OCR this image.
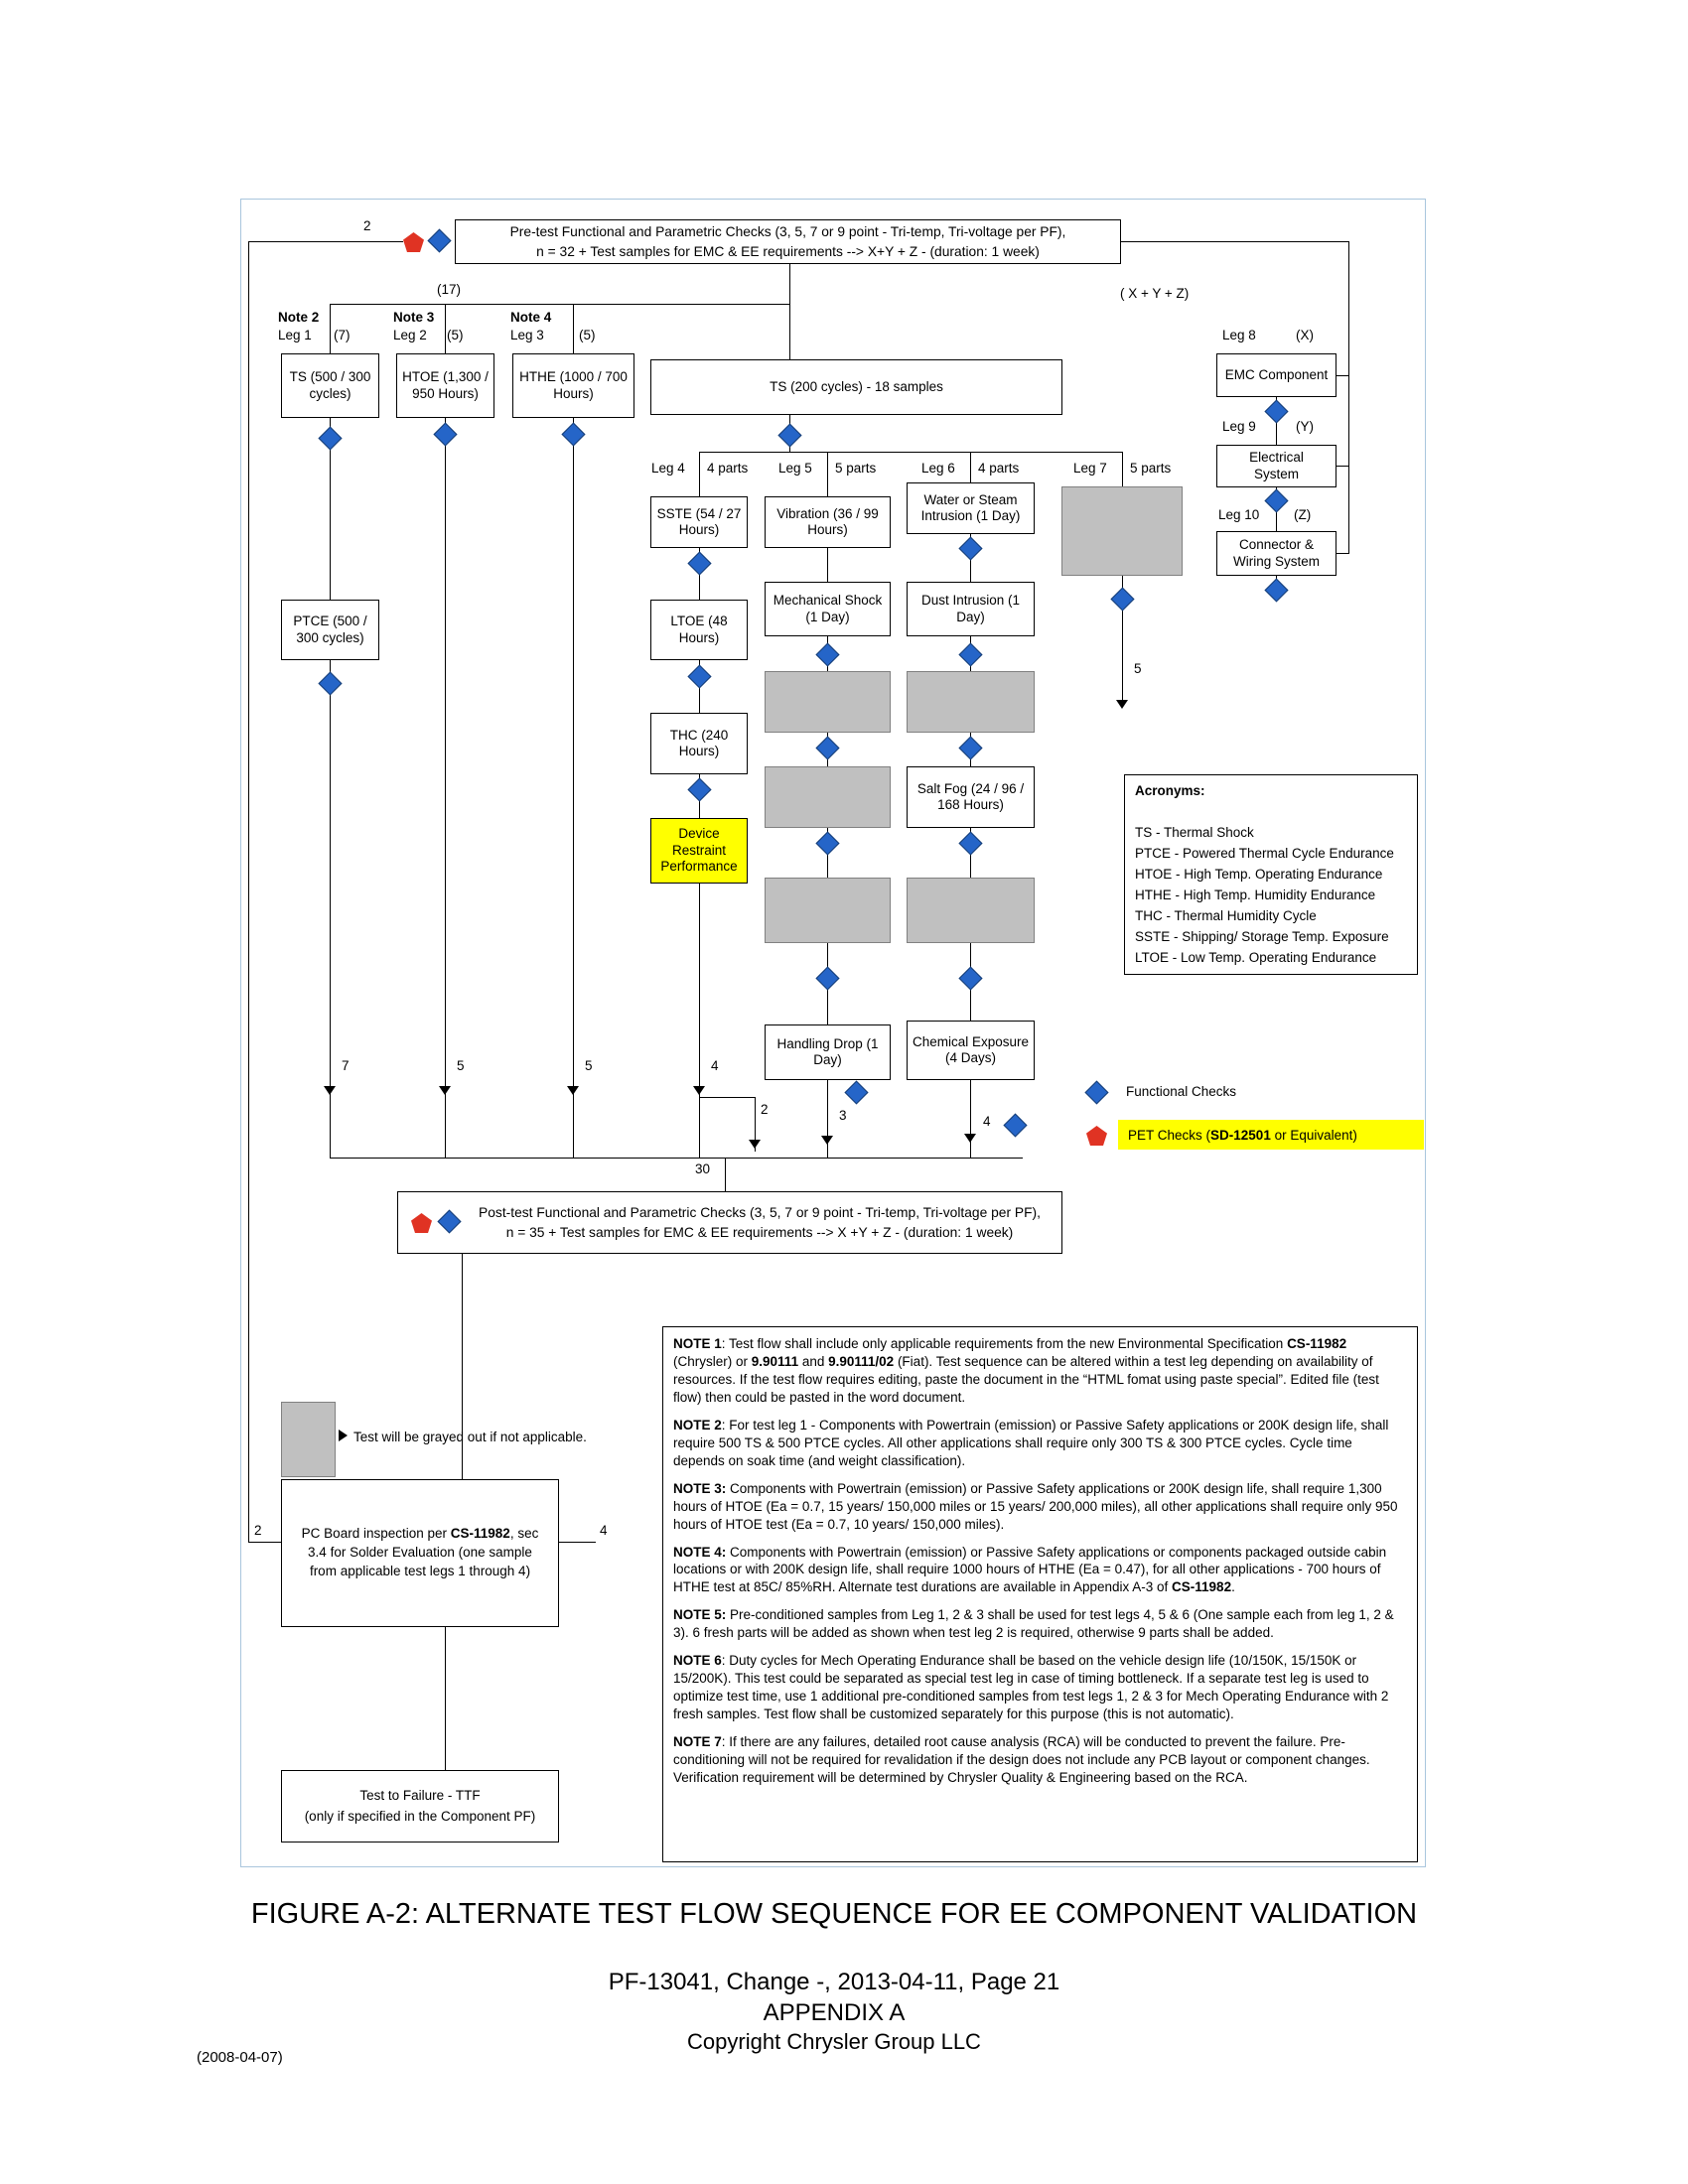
2	Pre-test Functional and Parametric Checks (3, 5, 7 or 9 point - Tri-temp, Tri-voltage per PF),
n = 32 + Test samples for EMC & EE requirements --> X+Y + Z - (duration: 1 week)
(17)	( X + Y + Z)
Note 2
Leg 1 (7)
Note 3
Leg 2 (5)
Note 4
Leg 3	(5)
TS (500 / 300 cycles)
HTOE (1,300 / 950 Hours)
HTHE (1000 / 700 Hours)
PTCE (500 / 300 cycles)
TS (200 cycles) - 18 samples
Leg 4 4 parts Leg 5 5 parts	Leg 6 4 parts	Leg 7 5 parts
SSTE (54 / 27 Hours)
LTOE (48 Hours)
THC (240 Hours)
Device Restraint Performance
Vibration (36 / 99 Hours)
Mechanical Shock (1 Day)
Handling Drop (1 Day)
Water or Steam Intrusion (1 Day)
Dust Intrusion (1 Day)
Salt Fog (24 / 96 / 168 Hours)
Chemical Exposure (4 Days)
5
Leg 8	(X)
EMC Component
Leg 9	(Y)
Electrical System
Leg 10	(Z)
Connector & Wiring System
7	5	5	4
2	3	4
30
Acronyms:
TS - Thermal Shock
PTCE - Powered Thermal Cycle Endurance
HTOE - High Temp. Operating Endurance
HTHE - High Temp. Humidity Endurance
THC - Thermal Humidity Cycle
SSTE - Shipping/ Storage Temp. Exposure
LTOE - Low Temp. Operating Endurance
Functional Checks
PET Checks (SD-12501 or Equivalent)
Post-test Functional and Parametric Checks (3, 5, 7 or 9 point - Tri-temp, Tri-voltage per PF),
n = 35 + Test samples for EMC & EE requirements --> X +Y + Z - (duration: 1 week)
Test will be grayed out if not applicable.
PC Board inspection per CS-11982, sec 3.4 for Solder Evaluation (one sample from applicable test legs 1 through 4)
2	4
Test to Failure - TTF
(only if specified in the Component PF)

NOTE 1: Test flow shall include only applicable requirements from the new Environmental Specification CS-11982 (Chrysler) or 9.90111 and 9.90111/02 (Fiat). Test sequence can be altered within a test leg depending on availability of resources. If the test flow requires editing, paste the document in the “HTML fomat using paste special”. Edited file (test flow) then could be pasted in the word document.

NOTE 2: For test leg 1 - Components with Powertrain (emission) or Passive Safety applications or 200K design life, shall require 500 TS & 500 PTCE cycles. All other applications shall require only 300 TS & 300 PTCE cycles. Cycle time depends on soak time (and weight classification).

NOTE 3: Components with Powertrain (emission) or Passive Safety applications or 200K design life, shall require 1,300 hours of HTOE (Ea = 0.7, 15 years/ 150,000 miles or 15 years/ 200,000 miles), all other applications shall require only 950 hours of HTOE test (Ea = 0.7, 10 years/ 150,000 miles).

NOTE 4: Components with Powertrain (emission) or Passive Safety applications or components packaged outside cabin locations or with 200K design life, shall require 1000 hours of HTHE (Ea = 0.47), for all other applications - 700 hours of HTHE test at 85C/ 85%RH. Alternate test durations are available in Appendix A-3 of CS-11982.

NOTE 5: Pre-conditioned samples from Leg 1, 2 & 3 shall be used for test legs 4, 5 & 6 (One sample each from leg 1, 2 & 3). 6 fresh parts will be added as shown when test leg 2 is required, otherwise 9 parts shall be added.

NOTE 6: Duty cycles for Mech Operating Endurance shall be based on the vehicle design life (10/150K, 15/150K or 15/200K). This test could be separated as special test leg in case of timing bottleneck. If a separate test leg is used to optimize test time, use 1 additional pre-conditioned samples from test legs 1, 2 & 3 for Mech Operating Endurance with 2 fresh samples. Test flow shall be customized separately for this purpose (this is not automatic).

NOTE 7: If there are any failures, detailed root cause analysis (RCA) will be conducted to prevent the failure. Pre-conditioning will not be required for revalidation if the design does not include any PCB layout or component changes. Verification requirement will be determined by Chrysler Quality & Engineering based on the RCA.

FIGURE A-2: ALTERNATE TEST FLOW SEQUENCE FOR EE COMPONENT VALIDATION
PF-13041, Change -, 2013-04-11, Page 21
APPENDIX A
Copyright Chrysler Group LLC
(2008-04-07)
